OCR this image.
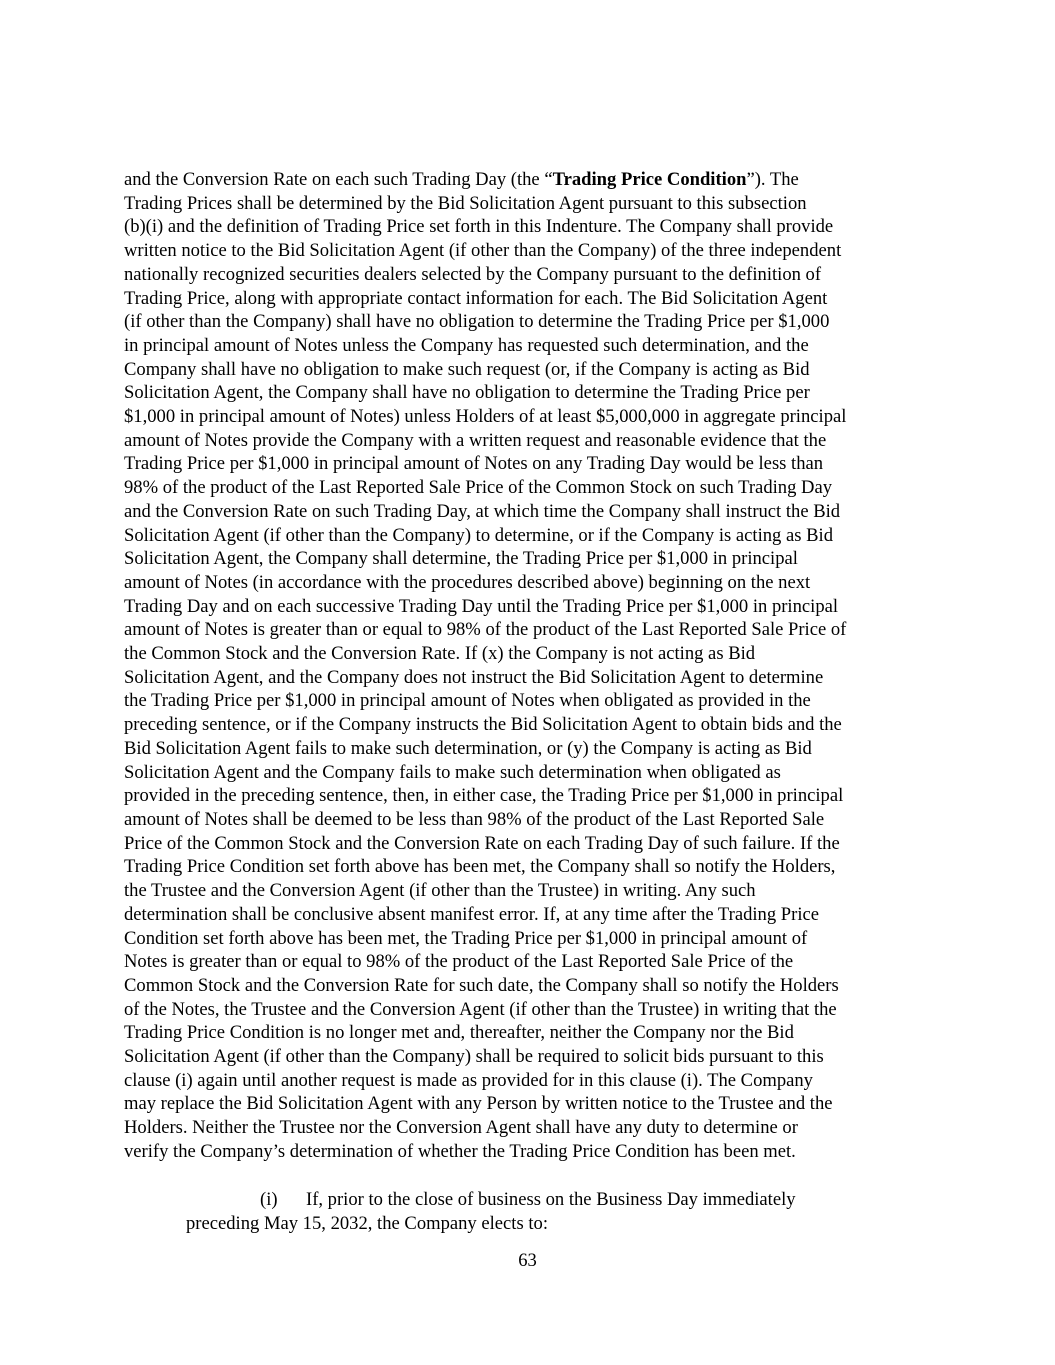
and the Conversion Rate on each such Trading Day (the “Trading Price Condition”). The
Trading Prices shall be determined by the Bid Solicitation Agent pursuant to this subsection
(b)(i) and the definition of Trading Price set forth in this Indenture. The Company shall provide
written notice to the Bid Solicitation Agent (if other than the Company) of the three independent
nationally recognized securities dealers selected by the Company pursuant to the definition of
Trading Price, along with appropriate contact information for each. The Bid Solicitation Agent
(if other than the Company) shall have no obligation to determine the Trading Price per $1,000
in principal amount of Notes unless the Company has requested such determination, and the
Company shall have no obligation to make such request (or, if the Company is acting as Bid
Solicitation Agent, the Company shall have no obligation to determine the Trading Price per
$1,000 in principal amount of Notes) unless Holders of at least $5,000,000 in aggregate principal
amount of Notes provide the Company with a written request and reasonable evidence that the
Trading Price per $1,000 in principal amount of Notes on any Trading Day would be less than
98% of the product of the Last Reported Sale Price of the Common Stock on such Trading Day
and the Conversion Rate on such Trading Day, at which time the Company shall instruct the Bid
Solicitation Agent (if other than the Company) to determine, or if the Company is acting as Bid
Solicitation Agent, the Company shall determine, the Trading Price per $1,000 in principal
amount of Notes (in accordance with the procedures described above) beginning on the next
Trading Day and on each successive Trading Day until the Trading Price per $1,000 in principal
amount of Notes is greater than or equal to 98% of the product of the Last Reported Sale Price of
the Common Stock and the Conversion Rate. If (x) the Company is not acting as Bid
Solicitation Agent, and the Company does not instruct the Bid Solicitation Agent to determine
the Trading Price per $1,000 in principal amount of Notes when obligated as provided in the
preceding sentence, or if the Company instructs the Bid Solicitation Agent to obtain bids and the
Bid Solicitation Agent fails to make such determination, or (y) the Company is acting as Bid
Solicitation Agent and the Company fails to make such determination when obligated as
provided in the preceding sentence, then, in either case, the Trading Price per $1,000 in principal
amount of Notes shall be deemed to be less than 98% of the product of the Last Reported Sale
Price of the Common Stock and the Conversion Rate on each Trading Day of such failure. If the
Trading Price Condition set forth above has been met, the Company shall so notify the Holders,
the Trustee and the Conversion Agent (if other than the Trustee) in writing. Any such
determination shall be conclusive absent manifest error. If, at any time after the Trading Price
Condition set forth above has been met, the Trading Price per $1,000 in principal amount of
Notes is greater than or equal to 98% of the product of the Last Reported Sale Price of the
Common Stock and the Conversion Rate for such date, the Company shall so notify the Holders
of the Notes, the Trustee and the Conversion Agent (if other than the Trustee) in writing that the
Trading Price Condition is no longer met and, thereafter, neither the Company nor the Bid
Solicitation Agent (if other than the Company) shall be required to solicit bids pursuant to this
clause (i) again until another request is made as provided for in this clause (i). The Company
may replace the Bid Solicitation Agent with any Person by written notice to the Trustee and the
Holders. Neither the Trustee nor the Conversion Agent shall have any duty to determine or
verify the Company’s determination of whether the Trading Price Condition has been met.
(i) If, prior to the close of business on the Business Day immediately
preceding May 15, 2032, the Company elects to:
63
